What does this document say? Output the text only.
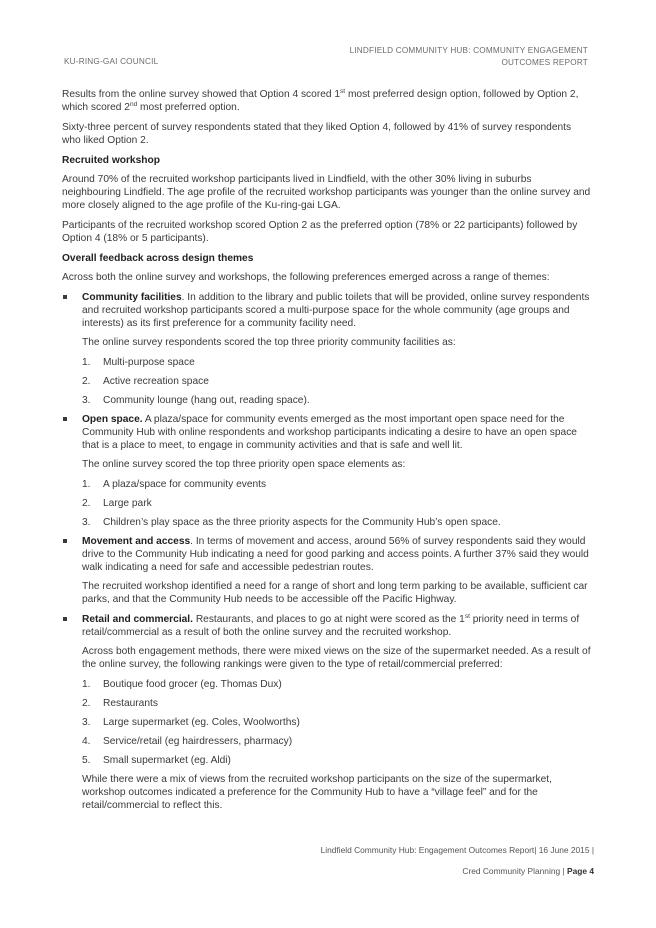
KU-RING-GAI COUNCIL
LINDFIELD COMMUNITY HUB: COMMUNITY ENGAGEMENT
OUTCOMES REPORT

Results from the online survey showed that Option 4 scored 1st most preferred design option, followed by Option 2, which scored 2nd most preferred option.

Sixty-three percent of survey respondents stated that they liked Option 4, followed by 41% of survey respondents who liked Option 2.

Recruited workshop

Around 70% of the recruited workshop participants lived in Lindfield, with the other 30% living in suburbs neighbouring Lindfield. The age profile of the recruited workshop participants was younger than the online survey and more closely aligned to the age profile of the Ku-ring-gai LGA.

Participants of the recruited workshop scored Option 2 as the preferred option (78% or 22 participants) followed by Option 4 (18% or 5 participants).

Overall feedback across design themes

Across both the online survey and workshops, the following preferences emerged across a range of themes:

Community facilities. In addition to the library and public toilets that will be provided, online survey respondents and recruited workshop participants scored a multi-purpose space for the whole community (age groups and interests) as its first preference for a community facility need.

The online survey respondents scored the top three priority community facilities as:

1.	Multi-purpose space
2.	Active recreation space
3.	Community lounge (hang out, reading space).
Open space. A plaza/space for community events emerged as the most important open space need for the Community Hub with online respondents and workshop participants indicating a desire to have an open space that is a place to meet, to engage in community activities and that is safe and well lit.

The online survey scored the top three priority open space elements as:

1.	A plaza/space for community events
2.	Large park
3.	Children’s play space as the three priority aspects for the Community Hub’s open space.
Movement and access. In terms of movement and access, around 56% of survey respondents said they would drive to the Community Hub indicating a need for good parking and access points. A further 37% said they would walk indicating a need for safe and accessible pedestrian routes.

The recruited workshop identified a need for a range of short and long term parking to be available, sufficient car parks, and that the Community Hub needs to be accessible off the Pacific Highway.

Retail and commercial. Restaurants, and places to go at night were scored as the 1st priority need in terms of retail/commercial as a result of both the online survey and the recruited workshop.

Across both engagement methods, there were mixed views on the size of the supermarket needed. As a result of the online survey, the following rankings were given to the type of retail/commercial preferred:

1.	Boutique food grocer (eg. Thomas Dux)
2.	Restaurants
3.	Large supermarket (eg. Coles, Woolworths)
4.	Service/retail (eg hairdressers, pharmacy)
5.	Small supermarket (eg. Aldi)

While there were a mix of views from the recruited workshop participants on the size of the supermarket, workshop outcomes indicated a preference for the Community Hub to have a “village feel” and for the retail/commercial to reflect this.

Lindfield Community Hub: Engagement Outcomes Report| 16 June 2015 |
Cred Community Planning | Page 4
